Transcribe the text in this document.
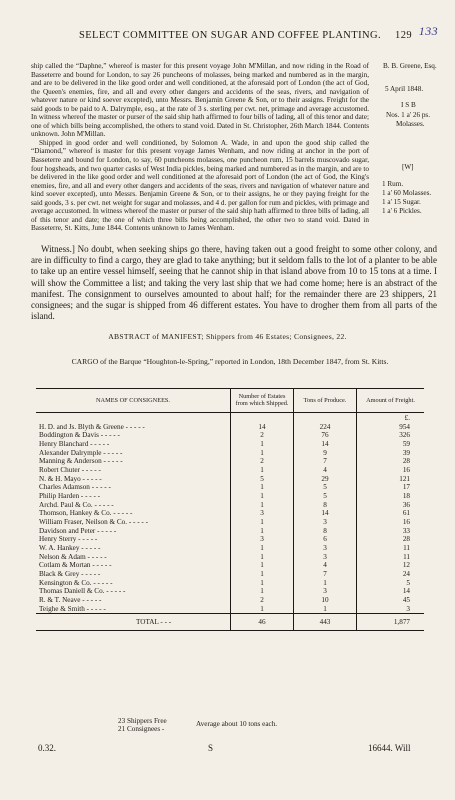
SELECT COMMITTEE ON SUGAR AND COFFEE PLANTING. 129 133
B. B. Greene, Esq.
5 April 1848.
I S B
Nos. 1 a' 26 ps.
Molasses.
[W]
1 Rum.
1 a' 60 Molasses.
1 a' 15 Sugar.
1 a' 6 Pickles.

ship called the “Daphne,” whereof is master for this present voyage John M'Millan, and now riding in the Road of Basseterre and bound for London, to say 26 puncheons of molasses, being marked and numbered as in the margin, and are to be delivered in the like good order and well conditioned, at the aforesaid port of London (the act of God, the Queen's enemies, fire, and all and every other dangers and accidents of the seas, rivers, and navigation of whatever nature or kind soever excepted), unto Messrs. Benjamin Greene & Son, or to their assigns. Freight for the said goods to be paid to A. Dalrymple, esq., at the rate of 3 s. sterling per cwt. net, primage and average accustomed. In witness whereof the master or purser of the said ship hath affirmed to four bills of lading, all of this tenor and date; one of which bills being accomplished, the others to stand void. Dated in St. Christopher, 26th March 1844. Contents unknown. John M'Millan.

Shipped in good order and well conditioned, by Solomon A. Wade, in and upon the good ship called the “Diamond,” whereof is master for this present voyage James Wenham, and now riding at anchor in the port of Basseterre and bound for London, to say, 60 puncheons molasses, one puncheon rum, 15 barrels muscovado sugar, four hogsheads, and two quarter casks of West India pickles, being marked and numbered as in the margin, and are to be delivered in the like good order and well conditioned at the aforesaid port of London (the act of God, the King's enemies, fire, and all and every other dangers and accidents of the seas, rivers and navigation of whatever nature and kind soever excepted), unto Messrs. Benjamin Greene & Son, or to their assigns, he or they paying freight for the said goods, 3 s. per cwt. net weight for sugar and molasses, and 4 d. per gallon for rum and pickles, with primage and average accustomed. In witness whereof the master or purser of the said ship hath affirmed to three bills of lading, all of this tenor and date; the one of which three bills being accomplished, the other two to stand void. Dated in Basseterre, St. Kitts, June 1844. Contents unknown to James Wenham.

Witness.] No doubt, when seeking ships go there, having taken out a good freight to some other colony, and are in difficulty to find a cargo, they are glad to take anything; but it seldom falls to the lot of a planter to be able to take up an entire vessel himself, seeing that he cannot ship in that island above from 10 to 15 tons at a time. I will show the Committee a list; and taking the very last ship that we had come home; here is an abstract of the manifest. The consignment to ourselves amounted to about half; for the remainder there are 23 shippers, 21 consignees; and the sugar is shipped from 46 different estates. You have to drogher them from all parts of the island.

ABSTRACT of MANIFEST; Shippers from 46 Estates; Consignees, 22.
CARGO of the Barque “Houghton-le-Spring,” reported in London, 18th December 1847, from St. Kitts.
NAMES OF CONSIGNEES.	Number of Estates from which Shipped.	Tons of Produce.	Amount of Freight.
			£.
H. D. and Js. Blyth & Greene - - - - -	14	224	954
Boddington & Davis - - - - -	2	76	326
Henry Blanchard - - - - -	1	14	59
Alexander Dalrymple - - - - -	1	9	39
Manning & Anderson - - - - -	2	7	28
Robert Chuter - - - - -	1	4	16
N. & H. Mayo - - - - -	5	29	121
Charles Adamson - - - - -	1	5	17
Philip Harden - - - - -	1	5	18
Archd. Paul & Co. - - - - -	1	8	36
Thomson, Hankey & Co. - - - - -	3	14	61
William Fraser, Neilson & Co. - - - - -	1	3	16
Davidson and Peter - - - - -	1	8	33
Henry Sterry - - - - -	3	6	28
W. A. Hankey - - - - -	1	3	11
Nelson & Adam - - - - -	1	3	11
Cotlam & Mortan - - - - -	1	4	12
Black & Grey - - - - -	1	7	24
Kensington & Co. - - - - -	1	1	5
Thomas Daniell & Co. - - - - -	1	3	14
R. & T. Neave - - - - -	2	10	45
Teighe & Smith - - - - -	1	1	3
TOTAL - - -	46	443	1,877
23 Shippers Free
21 Consignees -
Average about 10 tons each.
0.32.	S	16644. Will
